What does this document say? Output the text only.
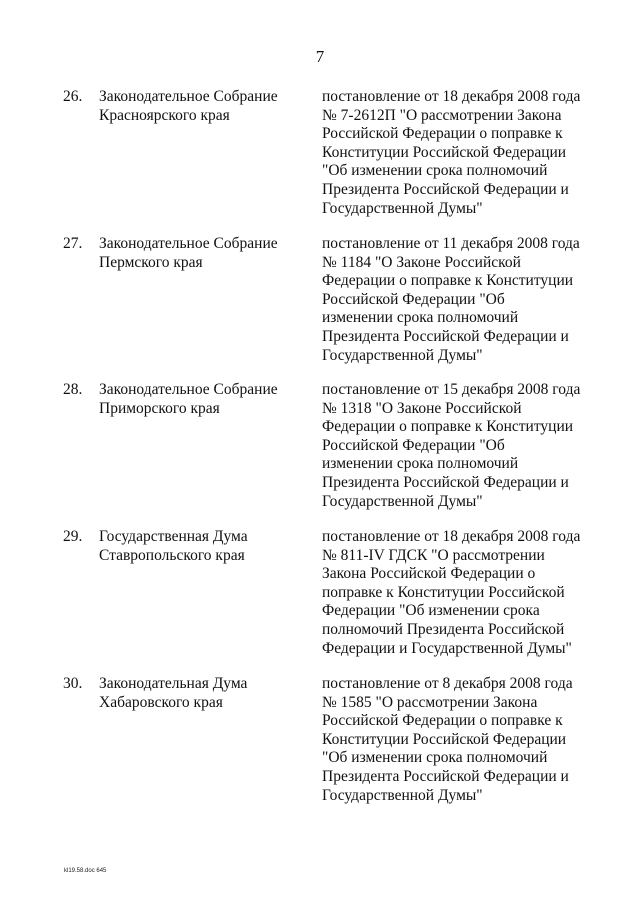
7
26. Законодательное Собрание
Красноярского края
постановление от 18 декабря 2008 года
№ 7-2612П "О рассмотрении Закона
Российской Федерации о поправке к
Конституции Российской Федерации
"Об изменении срока полномочий
Президента Российской Федерации и
Государственной Думы"
27. Законодательное Собрание
Пермского края
постановление от 11 декабря 2008 года
№ 1184 "О Законе Российской
Федерации о поправке к Конституции
Российской Федерации "Об
изменении срока полномочий
Президента Российской Федерации и
Государственной Думы"
28. Законодательное Собрание
Приморского края
постановление от 15 декабря 2008 года
№ 1318 "О Законе Российской
Федерации о поправке к Конституции
Российской Федерации "Об
изменении срока полномочий
Президента Российской Федерации и
Государственной Думы"
29. Государственная Дума
Ставропольского края
постановление от 18 декабря 2008 года
№ 811-IV ГДСК "О рассмотрении
Закона Российской Федерации о
поправке к Конституции Российской
Федерации "Об изменении срока
полномочий Президента Российской
Федерации и Государственной Думы"
30. Законодательная Дума
Хабаровского края
постановление от 8 декабря 2008 года
№ 1585 "О рассмотрении Закона
Российской Федерации о поправке к
Конституции Российской Федерации
"Об изменении срока полномочий
Президента Российской Федерации и
Государственной Думы"
kl19.58.doc 645
